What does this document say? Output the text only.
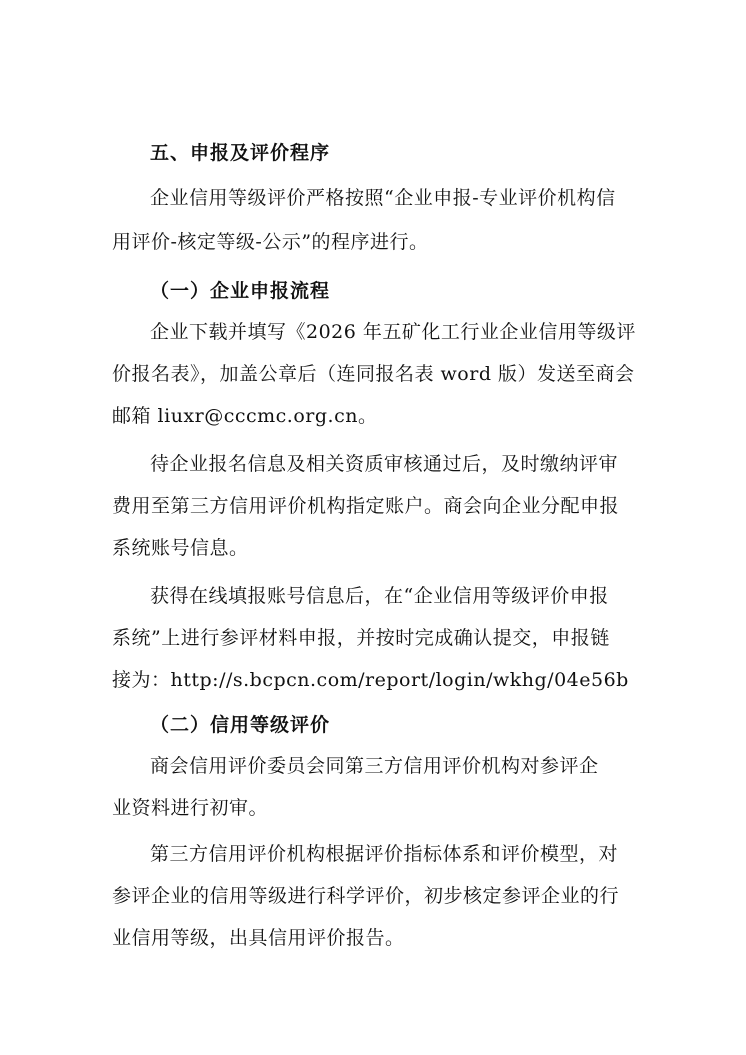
五、申报及评价程序
企业信用等级评价严格按照“企业申报-专业评价机构信
用评价-核定等级-公示”的程序进行。
（一）企业申报流程
企业下载并填写《2026 年五矿化工行业企业信用等级评
价报名表》，加盖公章后（连同报名表 word 版）发送至商会
邮箱 liuxr@cccmc.org.cn。
待企业报名信息及相关资质审核通过后，及时缴纳评审
费用至第三方信用评价机构指定账户。商会向企业分配申报
系统账号信息。
获得在线填报账号信息后，在“企业信用等级评价申报
系统”上进行参评材料申报，并按时完成确认提交，申报链
接为：http://s.bcpcn.com/report/login/wkhg/04e56b
（二）信用等级评价
商会信用评价委员会同第三方信用评价机构对参评企
业资料进行初审。
第三方信用评价机构根据评价指标体系和评价模型，对
参评企业的信用等级进行科学评价，初步核定参评企业的行
业信用等级，出具信用评价报告。
